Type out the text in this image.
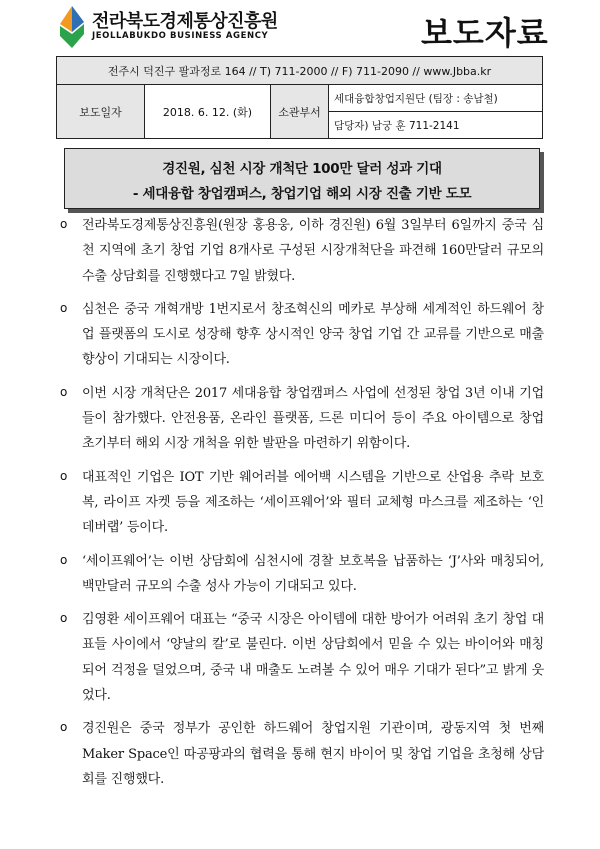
전라북도경제통상진흥원
JEOLLABUKDO BUSINESS AGENCY	보도자료
전주시 덕진구 팔과정로 164 // T) 711-2000 // F) 711-2090 // www.Jbba.kr
보도일자	2018. 6. 12. (화)	소관부서	세대융합창업지원단 (팀장 : 송남철)
담당자) 남궁 훈 711-2141
경진원, 심천 시장 개척단 100만 달러 성과 기대
- 세대융합 창업캠퍼스, 창업기업 해외 시장 진출 기반 도모
o 전라북도경제통상진흥원(원장 홍용웅, 이하 경진원) 6월 3일부터 6일까지 중국 심천 지역에 초기 창업 기업 8개사로 구성된 시장개척단을 파견해 160만달러 규모의 수출 상담회를 진행했다고 7일 밝혔다.
o 심천은 중국 개혁개방 1번지로서 창조혁신의 메카로 부상해 세계적인 하드웨어 창업 플랫폼의 도시로 성장해 향후 상시적인 양국 창업 기업 간 교류를 기반으로 매출 향상이 기대되는 시장이다.
o 이번 시장 개척단은 2017 세대융합 창업캠퍼스 사업에 선정된 창업 3년 이내 기업들이 참가했다. 안전용품, 온라인 플랫폼, 드론 미디어 등이 주요 아이템으로 창업 초기부터 해외 시장 개척을 위한 발판을 마련하기 위함이다.
o 대표적인 기업은 IOT 기반 웨어러블 에어백 시스템을 기반으로 산업용 추락 보호복, 라이프 자켓 등을 제조하는 ‘세이프웨어’와 필터 교체형 마스크를 제조하는 ‘인데버랩’ 등이다.
o ‘세이프웨어’는 이번 상담회에 심천시에 경찰 보호복을 납품하는 ‘J’사와 매칭되어, 백만달러 규모의 수출 성사 가능이 기대되고 있다.
o 김영환 세이프웨어 대표는 “중국 시장은 아이템에 대한 방어가 어려워 초기 창업 대표들 사이에서 ‘양날의 칼’로 불린다. 이번 상담회에서 믿을 수 있는 바이어와 매칭되어 걱정을 덜었으며, 중국 내 매출도 노려볼 수 있어 매우 기대가 된다”고 밝게 웃었다.
o 경진원은 중국 정부가 공인한 하드웨어 창업지원 기관이며, 광동지역 첫 번째 Maker Space인 따공팡과의 협력을 통해 현지 바이어 및 창업 기업을 초청해 상담회를 진행했다.
